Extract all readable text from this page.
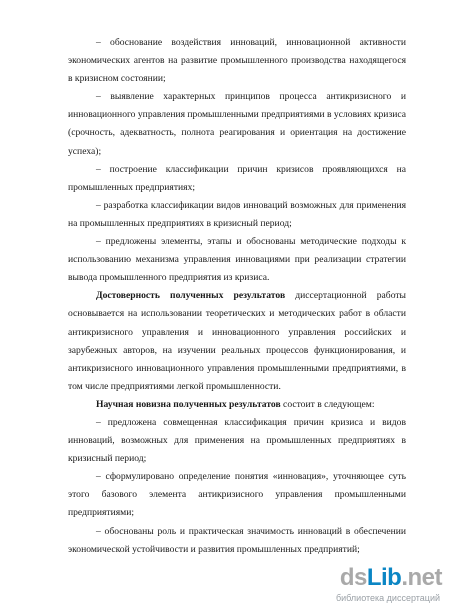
– обоснование воздействия инноваций, инновационной активности экономических агентов на развитие промышленного производства находящегося в кризисном состоянии;

– выявление характерных принципов процесса антикризисного и инновационного управления промышленными предприятиями в условиях кризиса (срочность, адекватность, полнота реагирования и ориентация на достижение успеха);

– построение классификации причин кризисов проявляющихся на промышленных предприятиях;

– разработка классификации видов инноваций возможных для применения на промышленных предприятиях в кризисный период;

– предложены элементы, этапы и обоснованы методические подходы к использованию механизма управления инновациями при реализации стратегии вывода промышленного предприятия из кризиса.

Достоверность полученных результатов диссертационной работы основывается на использовании теоретических и методических работ в области антикризисного управления и инновационного управления российских и зарубежных авторов, на изучении реальных процессов функционирования, и антикризисного инновационного управления промышленными предприятиями, в том числе предприятиями легкой промышленности.

Научная новизна полученных результатов состоит в следующем:

– предложена совмещенная классификация причин кризиса и видов инноваций, возможных для применения на промышленных предприятиях в кризисный период;

– сформулировано определение понятия «инновация», уточняющее суть этого базового элемента антикризисного управления промышленными предприятиями;

– обоснованы роль и практическая значимость инноваций в обеспечении экономической устойчивости и развития промышленных предприятий;

dsLib.net
библиотека диссертаций
